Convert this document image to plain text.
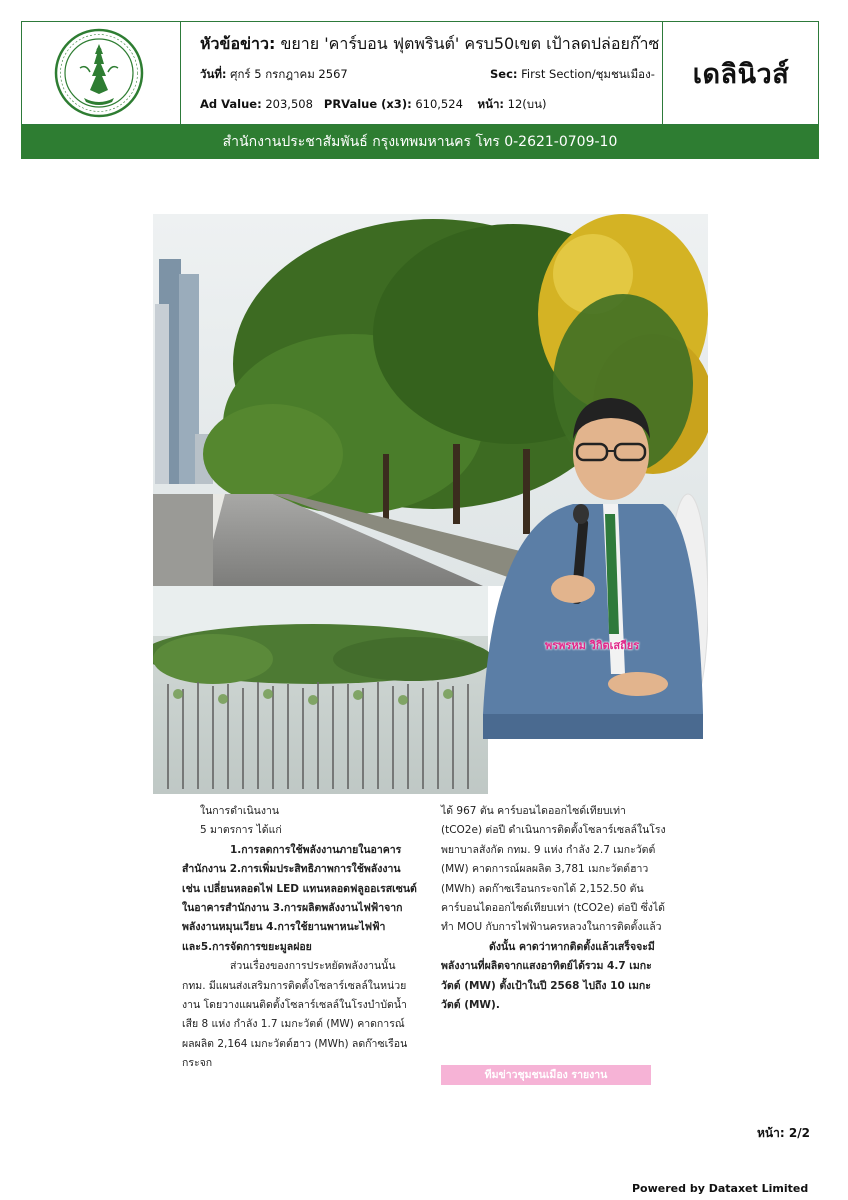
หัวข้อข่าว: ขยาย 'คาร์บอน ฟุตพรินต์' ครบ50เขต เป้าลดปล่อยก๊าซ
วันที่: ศุกร์ 5 กรกฎาคม 2567	Sec: First Section/ชุมชนเมือง-
Ad Value: 203,508 PRValue (x3): 610,524 หน้า: 12(บน)
เดลินิวส์
สำนักงานประชาสัมพันธ์ กรุงเทพมหานคร โทร 0-2621-0709-10
พรพรหม วิกิตเสถียร

ในการดำเนินงาน

5 มาตรการ ได้แก่

1.การลดการใช้พลังงานภายในอาคารสำนักงาน 2.การเพิ่มประสิทธิภาพการใช้พลังงาน เช่น เปลี่ยนหลอดไฟ LED แทนหลอดฟลูออเรสเซนต์ในอาคารสำนักงาน 3.การผลิตพลังงานไฟฟ้าจากพลังงานหมุนเวียน 4.การใช้ยานพาหนะไฟฟ้า และ5.การจัดการขยะมูลฝอย

ส่วนเรื่องของการประหยัดพลังงานนั้น กทม. มีแผนส่งเสริมการติดตั้งโซลาร์เซลล์ในหน่วยงาน โดยวางแผนติดตั้งโซลาร์เซลล์ในโรงบำบัดน้ำเสีย 8 แห่ง กำลัง 1.7 เมกะวัตต์ (MW) คาดการณ์ผลผลิต 2,164 เมกะวัตต์ฮาว (MWh) ลดก๊าซเรือนกระจก

ได้ 967 ตัน คาร์บอนไดออกไซด์เทียบเท่า (tCO2e) ต่อปี ดำเนินการติดตั้งโซลาร์เซลล์ในโรงพยาบาลสังกัด กทม. 9 แห่ง กำลัง 2.7 เมกะวัตต์ (MW) คาดการณ์ผลผลิต 3,781 เมกะวัตต์ฮาว (MWh) ลดก๊าซเรือนกระจกได้ 2,152.50 ตันคาร์บอนไดออกไซด์เทียบเท่า (tCO2e) ต่อปี ซึ่งได้ทำ MOU กับการไฟฟ้านครหลวงในการติดตั้งแล้ว

ดังนั้น คาดว่าหากติดตั้งแล้วเสร็จจะมีพลังงานที่ผลิตจากแสงอาทิตย์ได้รวม 4.7 เมกะวัตต์ (MW) ตั้งเป้าในปี 2568 ไปถึง 10 เมกะวัตต์ (MW).

ทีมข่าวชุมชนเมือง รายงาน
หน้า: 2/2
Powered by Dataxet Limited
